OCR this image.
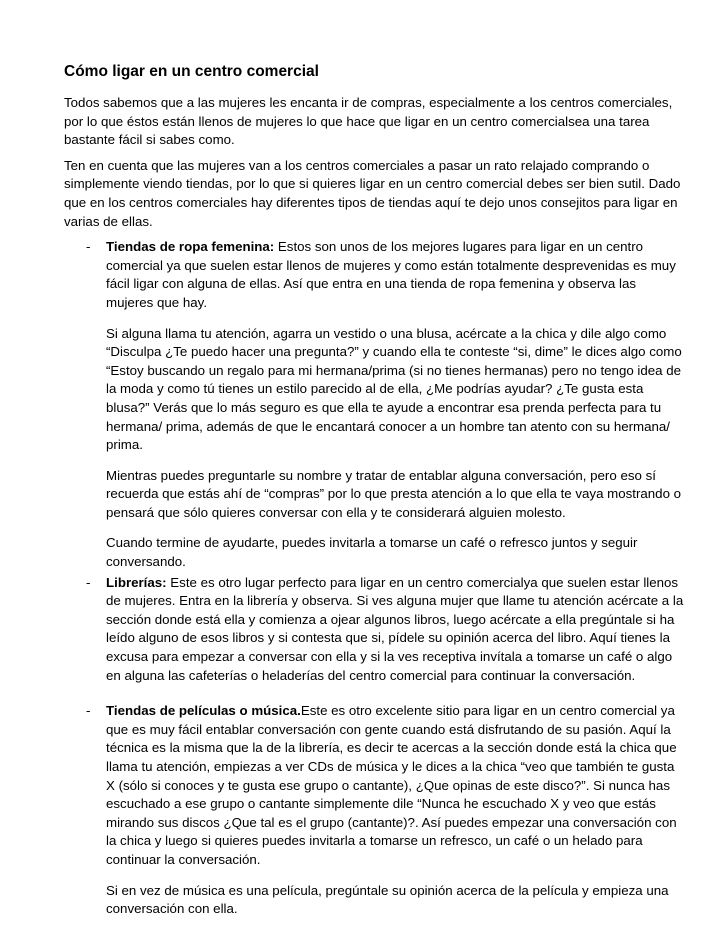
Cómo ligar en un centro comercial

Todos sabemos que a las mujeres les encanta ir de compras, especialmente a los centros comerciales, por lo que éstos están llenos de mujeres lo que hace que ligar en un centro comercialsea una tarea bastante fácil si sabes como.

Ten en cuenta que las mujeres van a los centros comerciales a pasar un rato relajado comprando o simplemente viendo tiendas, por lo que si quieres ligar en un centro comercial debes ser bien sutil. Dado que en los centros comerciales hay diferentes tipos de tiendas aquí te dejo unos consejitos para ligar en varias de ellas.

- Tiendas de ropa femenina: Estos son unos de los mejores lugares para ligar en un centro comercial ya que suelen estar llenos de mujeres y como están totalmente desprevenidas es muy fácil ligar con alguna de ellas. Así que entra en una tienda de ropa femenina y observa las mujeres que hay.

Si alguna llama tu atención, agarra un vestido o una blusa, acércate a la chica y dile algo como “Disculpa ¿Te puedo hacer una pregunta?” y cuando ella te conteste “si, dime” le dices algo como “Estoy buscando un regalo para mi hermana/prima (si no tienes hermanas) pero no tengo idea de la moda y como tú tienes un estilo parecido al de ella, ¿Me podrías ayudar? ¿Te gusta esta blusa?” Verás que lo más seguro es que ella te ayude a encontrar esa prenda perfecta para tu hermana/ prima, además de que le encantará conocer a un hombre tan atento con su hermana/ prima.

Mientras puedes preguntarle su nombre y tratar de entablar alguna conversación, pero eso sí recuerda que estás ahí de “compras” por lo que presta atención a lo que ella te vaya mostrando o pensará que sólo quieres conversar con ella y te considerará alguien molesto.

Cuando termine de ayudarte, puedes invitarla a tomarse un café o refresco juntos y seguir conversando.

- Librerías: Este es otro lugar perfecto para ligar en un centro comercialya que suelen estar llenos de mujeres. Entra en la librería y observa. Si ves alguna mujer que llame tu atención acércate a la sección donde está ella y comienza a ojear algunos libros, luego acércate a ella pregúntale si ha leído alguno de esos libros y si contesta que si, pídele su opinión acerca del libro. Aquí tienes la excusa para empezar a conversar con ella y si la ves receptiva invítala a tomarse un café o algo en alguna las cafeterías o heladerías del centro comercial para continuar la conversación.

- Tiendas de películas o música.Este es otro excelente sitio para ligar en un centro comercial ya que es muy fácil entablar conversación con gente cuando está disfrutando de su pasión. Aquí la técnica es la misma que la de la librería, es decir te acercas a la sección donde está la chica que llama tu atención, empiezas a ver CDs de música y le dices a la chica “veo que también te gusta X (sólo si conoces y te gusta ese grupo o cantante), ¿Que opinas de este disco?”. Si nunca has escuchado a ese grupo o cantante simplemente dile “Nunca he escuchado X y veo que estás mirando sus discos ¿Que tal es el grupo (cantante)?. Así puedes empezar una conversación con la chica y luego si quieres puedes invitarla a tomarse un refresco, un café o un helado para continuar la conversación.

Si en vez de música es una película, pregúntale su opinión acerca de la película y empieza una conversación con ella.
